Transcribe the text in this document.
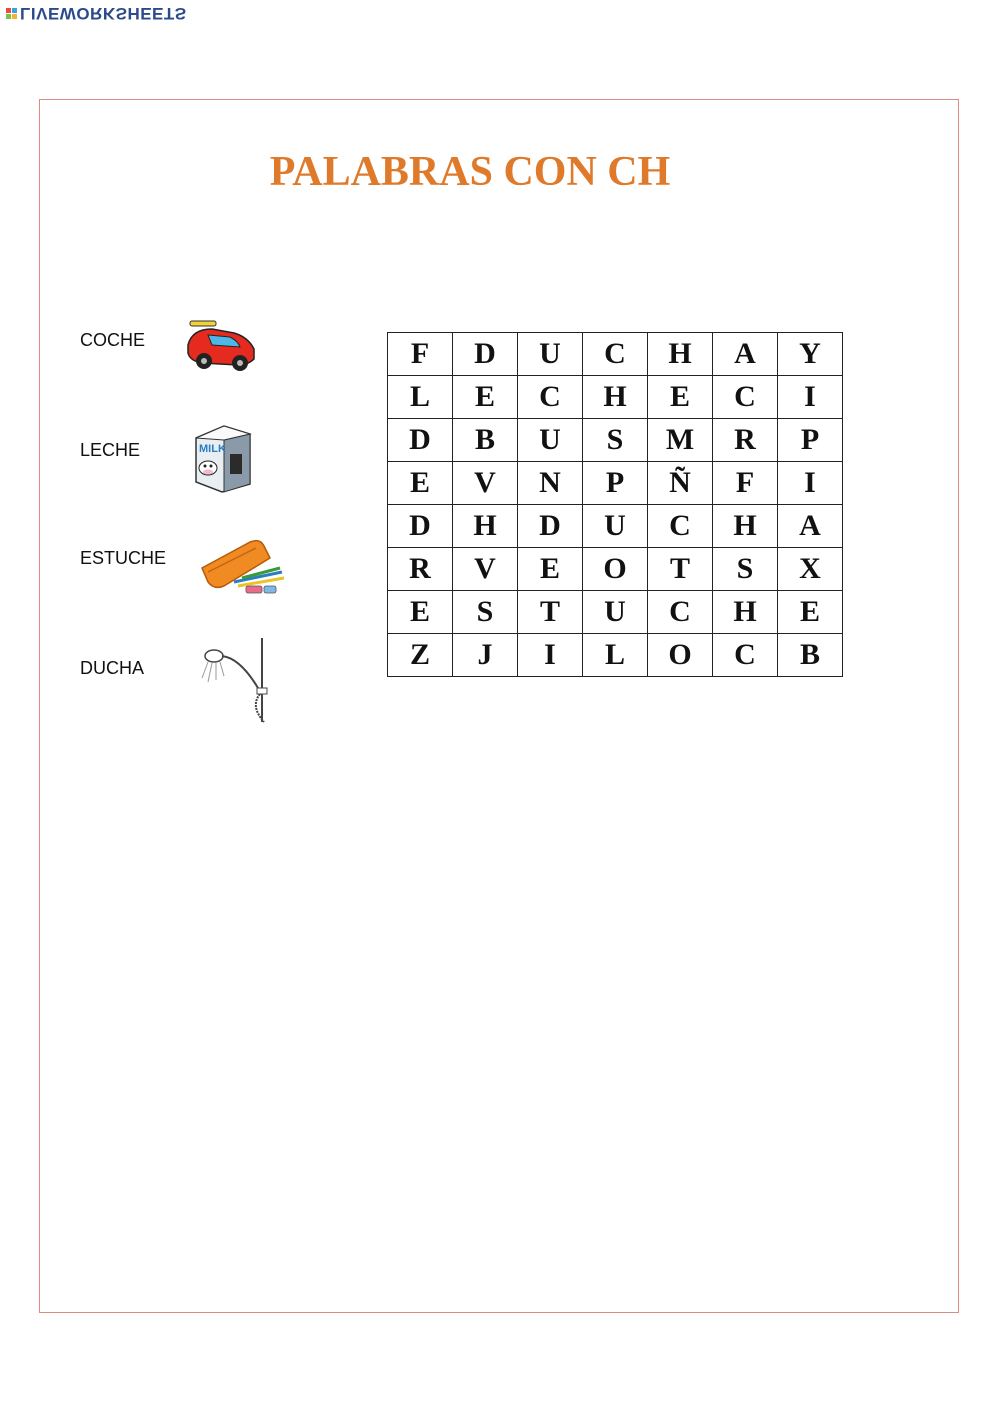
LIVEWORKSHEETS
PALABRAS CON CH
COCHE
LECHE	MILK
ESTUCHE
DUCHA
F	D	U	C	H	A	Y
L	E	C	H	E	C	I
D	B	U	S	M	R	P
E	V	N	P	Ñ	F	I
D	H	D	U	C	H	A
R	V	E	O	T	S	X
E	S	T	U	C	H	E
Z	J	I	L	O	C	B
